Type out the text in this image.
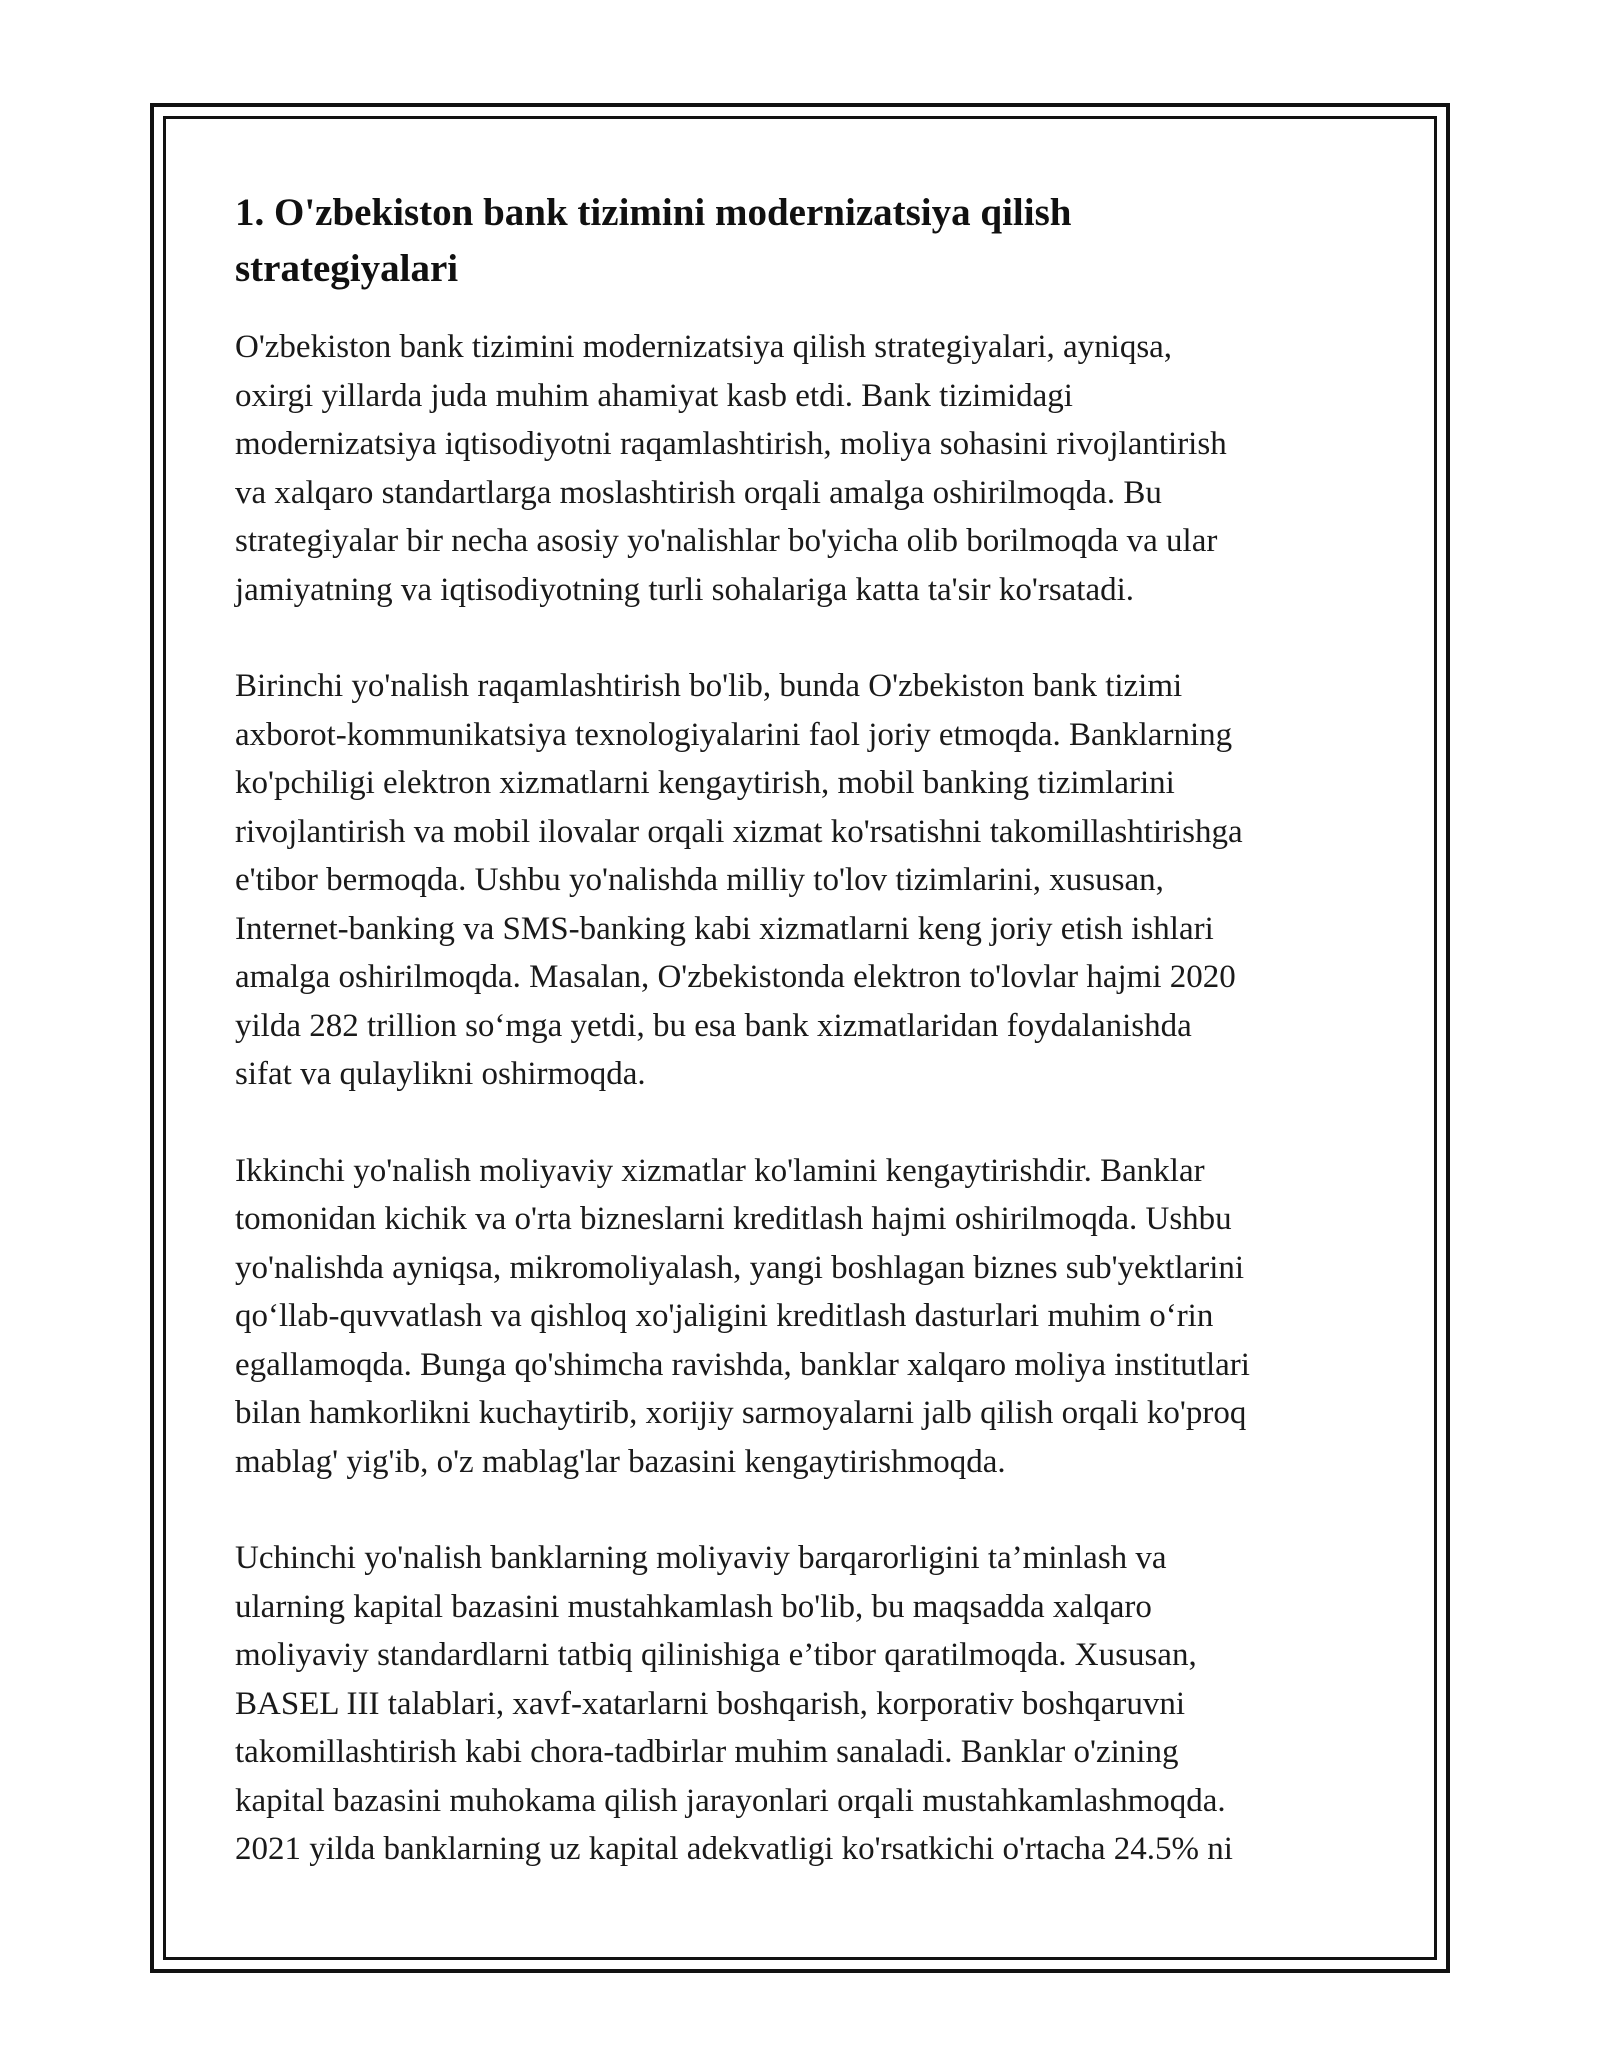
1. O'zbekiston bank tizimini modernizatsiya qilish
strategiyalari
O'zbekiston bank tizimini modernizatsiya qilish strategiyalari, ayniqsa,
oxirgi yillarda juda muhim ahamiyat kasb etdi. Bank tizimidagi
modernizatsiya iqtisodiyotni raqamlashtirish, moliya sohasini rivojlantirish
va xalqaro standartlarga moslashtirish orqali amalga oshirilmoqda. Bu
strategiyalar bir necha asosiy yo'nalishlar bo'yicha olib borilmoqda va ular
jamiyatning va iqtisodiyotning turli sohalariga katta ta'sir ko'rsatadi.
Birinchi yo'nalish raqamlashtirish bo'lib, bunda O'zbekiston bank tizimi
axborot-kommunikatsiya texnologiyalarini faol joriy etmoqda. Banklarning
ko'pchiligi elektron xizmatlarni kengaytirish, mobil banking tizimlarini
rivojlantirish va mobil ilovalar orqali xizmat ko'rsatishni takomillashtirishga
e'tibor bermoqda. Ushbu yo'nalishda milliy to'lov tizimlarini, xususan,
Internet-banking va SMS-banking kabi xizmatlarni keng joriy etish ishlari
amalga oshirilmoqda. Masalan, O'zbekistonda elektron to'lovlar hajmi 2020
yilda 282 trillion so‘mga yetdi, bu esa bank xizmatlaridan foydalanishda
sifat va qulaylikni oshirmoqda.
Ikkinchi yo'nalish moliyaviy xizmatlar ko'lamini kengaytirishdir. Banklar
tomonidan kichik va o'rta bizneslarni kreditlash hajmi oshirilmoqda. Ushbu
yo'nalishda ayniqsa, mikromoliyalash, yangi boshlagan biznes sub'yektlarini
qo‘llab-quvvatlash va qishloq xo'jaligini kreditlash dasturlari muhim o‘rin
egallamoqda. Bunga qo'shimcha ravishda, banklar xalqaro moliya institutlari
bilan hamkorlikni kuchaytirib, xorijiy sarmoyalarni jalb qilish orqali ko'proq
mablag' yig'ib, o'z mablag'lar bazasini kengaytirishmoqda.
Uchinchi yo'nalish banklarning moliyaviy barqarorligini ta’minlash va
ularning kapital bazasini mustahkamlash bo'lib, bu maqsadda xalqaro
moliyaviy standardlarni tatbiq qilinishiga e’tibor qaratilmoqda. Xususan,
BASEL III talablari, xavf-xatarlarni boshqarish, korporativ boshqaruvni
takomillashtirish kabi chora-tadbirlar muhim sanaladi. Banklar o'zining
kapital bazasini muhokama qilish jarayonlari orqali mustahkamlashmoqda.
2021 yilda banklarning uz kapital adekvatligi ko'rsatkichi o'rtacha 24.5% ni
